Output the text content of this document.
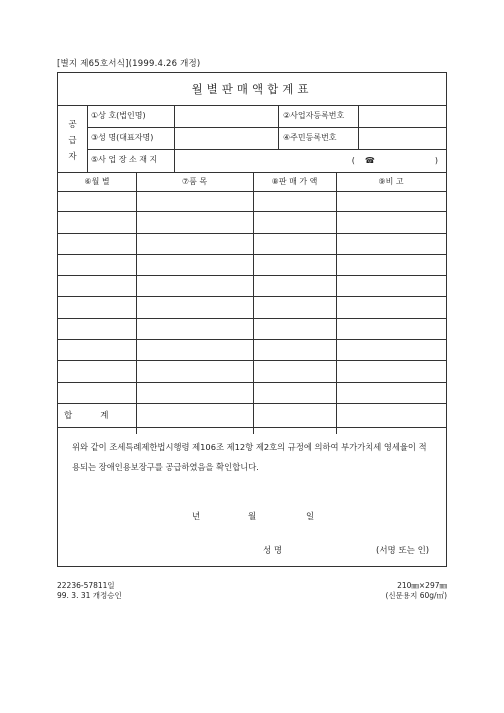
[별지 제65호서식](1999.4.26 개정)
월별판매액합계표
공
급
자
①상 호(법인명)	②사업자등록번호
③성 명(대표자명)	④주민등록번호
⑤사 업 장 소 재 지	( ☎	)
⑥월 별	⑦품 목	⑧판 매 가 액	⑨비 고
합계
위와 같이 조세특례제한법시행령 제106조 제12항 제2호의 규정에 의하여 부가가치세 영세율이 적용되는 장애인용보장구를 공급하였음을 확인합니다.
년	월	일
성 명	(서명 또는 인)
22236-57811일
99. 3. 31 개정승인
210㎜×297㎜
(신문용지 60g/㎡)
